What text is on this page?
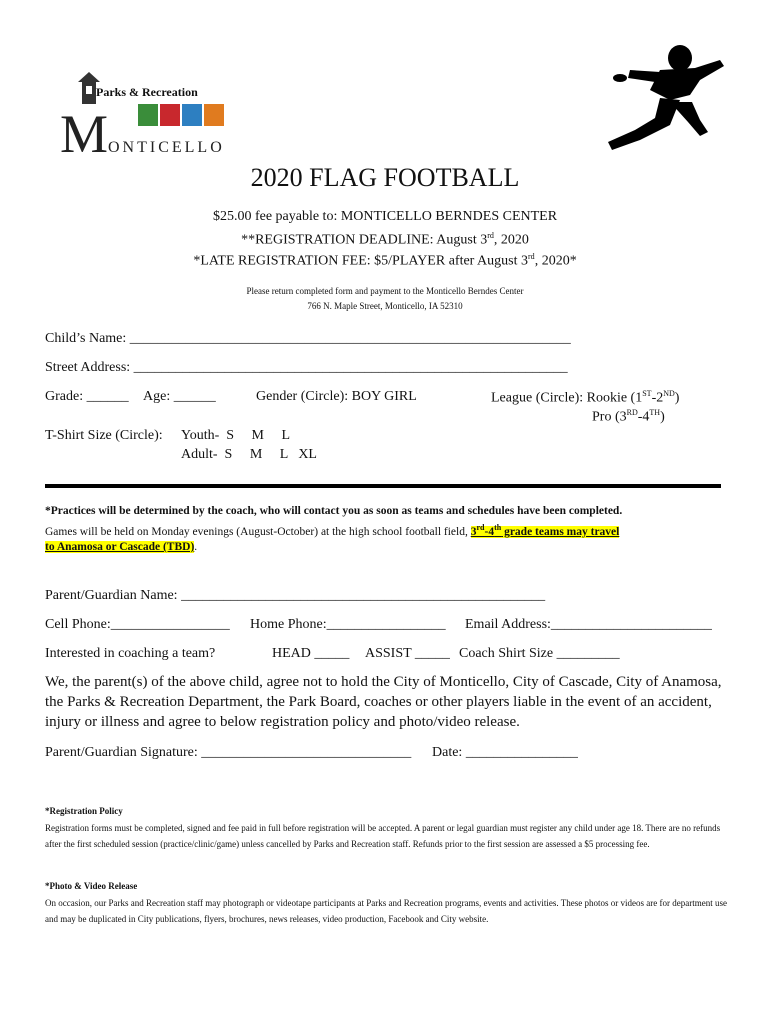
Parks & Recreation
M ONTICELLO
2020 FLAG FOOTBALL
$25.00 fee payable to: MONTICELLO BERNDES CENTER
**REGISTRATION DEADLINE: August 3rd, 2020
*LATE REGISTRATION FEE: $5/PLAYER after August 3rd, 2020*
Please return completed form and payment to the Monticello Berndes Center
766 N. Maple Street, Monticello, IA 52310
Child’s Name: _______________________________________________________________
Street Address: ______________________________________________________________
Grade: ______ Age: ______	Gender (Circle): BOY GIRL	League (Circle): Rookie (1ST-2ND)
Pro (3RD-4TH)
T-Shirt Size (Circle): Youth-  S     M     L
Adult-  S     M     L   XL
*Practices will be determined by the coach, who will contact you as soon as teams and schedules have been completed.
Games will be held on Monday evenings (August-October) at the high school football field, 3rd-4th grade teams may travel
to Anamosa or Cascade (TBD).
Parent/Guardian Name: ____________________________________________________
Cell Phone:_________________ Home Phone:_________________ Email Address:_______________________
Interested in coaching a team?	HEAD _____ ASSIST _____ Coach Shirt Size _________
We, the parent(s) of the above child, agree not to hold the City of Monticello, City of Cascade, City of Anamosa, the Parks & Recreation Department, the Park Board, coaches or other players liable in the event of an accident, injury or illness and agree to below registration policy and photo/video release.
Parent/Guardian Signature: ______________________________ Date: ________________
*Registration Policy
Registration forms must be completed, signed and fee paid in full before registration will be accepted. A parent or legal guardian must register any child under age 18. There are no refunds after the first scheduled session (practice/clinic/game) unless cancelled by Parks and Recreation staff. Refunds prior to the first session are assessed a $5 processing fee.
*Photo & Video Release
On occasion, our Parks and Recreation staff may photograph or videotape participants at Parks and Recreation programs, events and activities. These photos or videos are for department use and may be duplicated in City publications, flyers, brochures, news releases, video production, Facebook and City website.
